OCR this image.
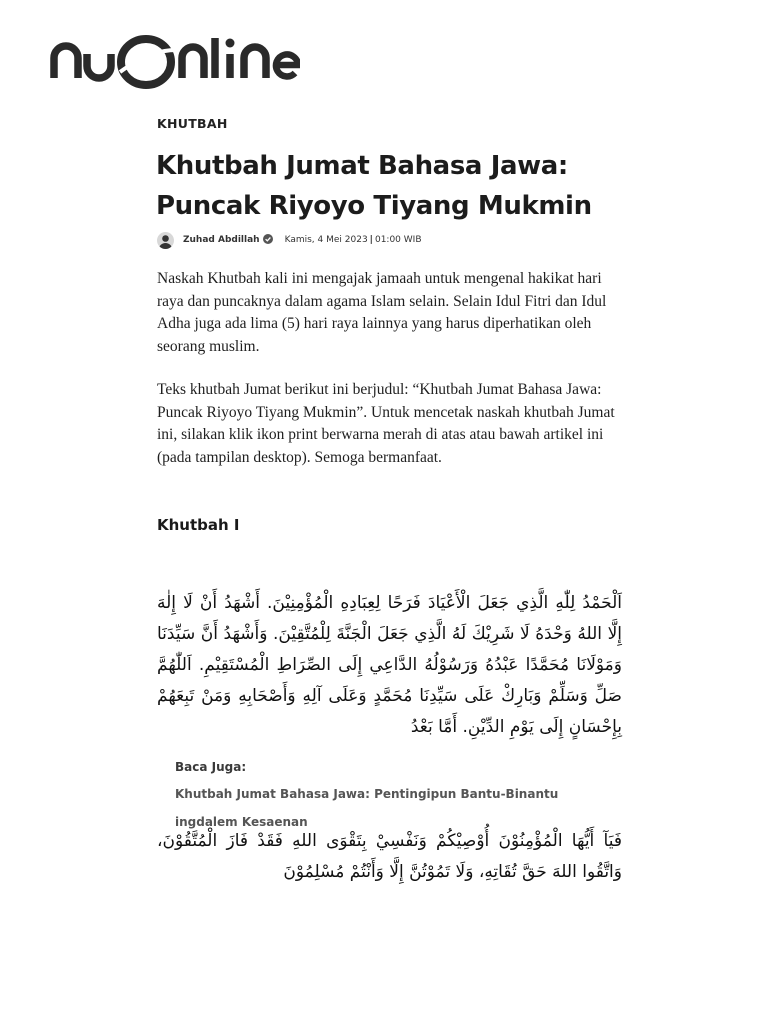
KHUTBAH
Khutbah Jumat Bahasa Jawa: Puncak Riyoyo Tiyang Mukmin
Zuhad Abdillah	Kamis, 4 Mei 2023 | 01:00 WIB

Naskah Khutbah kali ini mengajak jamaah untuk mengenal hakikat hari raya dan puncaknya dalam agama Islam selain. Selain Idul Fitri dan Idul Adha juga ada lima (5) hari raya lainnya yang harus diperhatikan oleh seorang muslim.

Teks khutbah Jumat berikut ini berjudul: “Khutbah Jumat Bahasa Jawa: Puncak Riyoyo Tiyang Mukmin”. Untuk mencetak naskah khutbah Jumat ini, silakan klik ikon print berwarna merah di atas atau bawah artikel ini (pada tampilan desktop). Semoga bermanfaat.

Khutbah I

اَلْحَمْدُ لِلّٰهِ الَّذِي جَعَلَ الْأَعْيَادَ فَرَحًا لِعِبَادِهِ الْمُؤْمِنِيْنَ. أَشْهَدُ أَنْ لَا إِلٰهَ إِلَّا اللهُ وَحْدَهُ لَا شَرِيْكَ لَهُ الَّذِي جَعَلَ الْجَنَّةَ لِلْمُتَّقِيْنَ. وَأَشْهَدُ أَنَّ سَيِّدَنَا وَمَوْلَانَا مُحَمَّدًا عَبْدُهُ وَرَسُوْلُهُ الدَّاعِي إِلَى الصِّرَاطِ الْمُسْتَقِيْمِ. اَللّٰهُمَّ صَلِّ وَسَلِّمْ وَبَارِكْ عَلَى سَيِّدِنَا مُحَمَّدٍ وَعَلَى آلِهِ وَأَصْحَابِهِ وَمَنْ تَبِعَهُمْ بِإِحْسَانٍ إِلَى يَوْمِ الدِّيْنِ. أَمَّا بَعْدُ

Baca Juga:
Khutbah Jumat Bahasa Jawa: Pentingipun Bantu-Binantu ingdalem Kesaenan

فَيَآ أَيُّهَا الْمُؤْمِنُوْنَ أُوْصِيْكُمْ وَنَفْسِيْ بِتَقْوَى اللهِ فَقَدْ فَازَ الْمُتَّقُوْنَ، وَاتَّقُوا اللهَ حَقَّ تُقَاتِهِ، وَلَا تَمُوْتُنَّ إِلَّا وَأَنْتُمْ مُسْلِمُوْنَ
